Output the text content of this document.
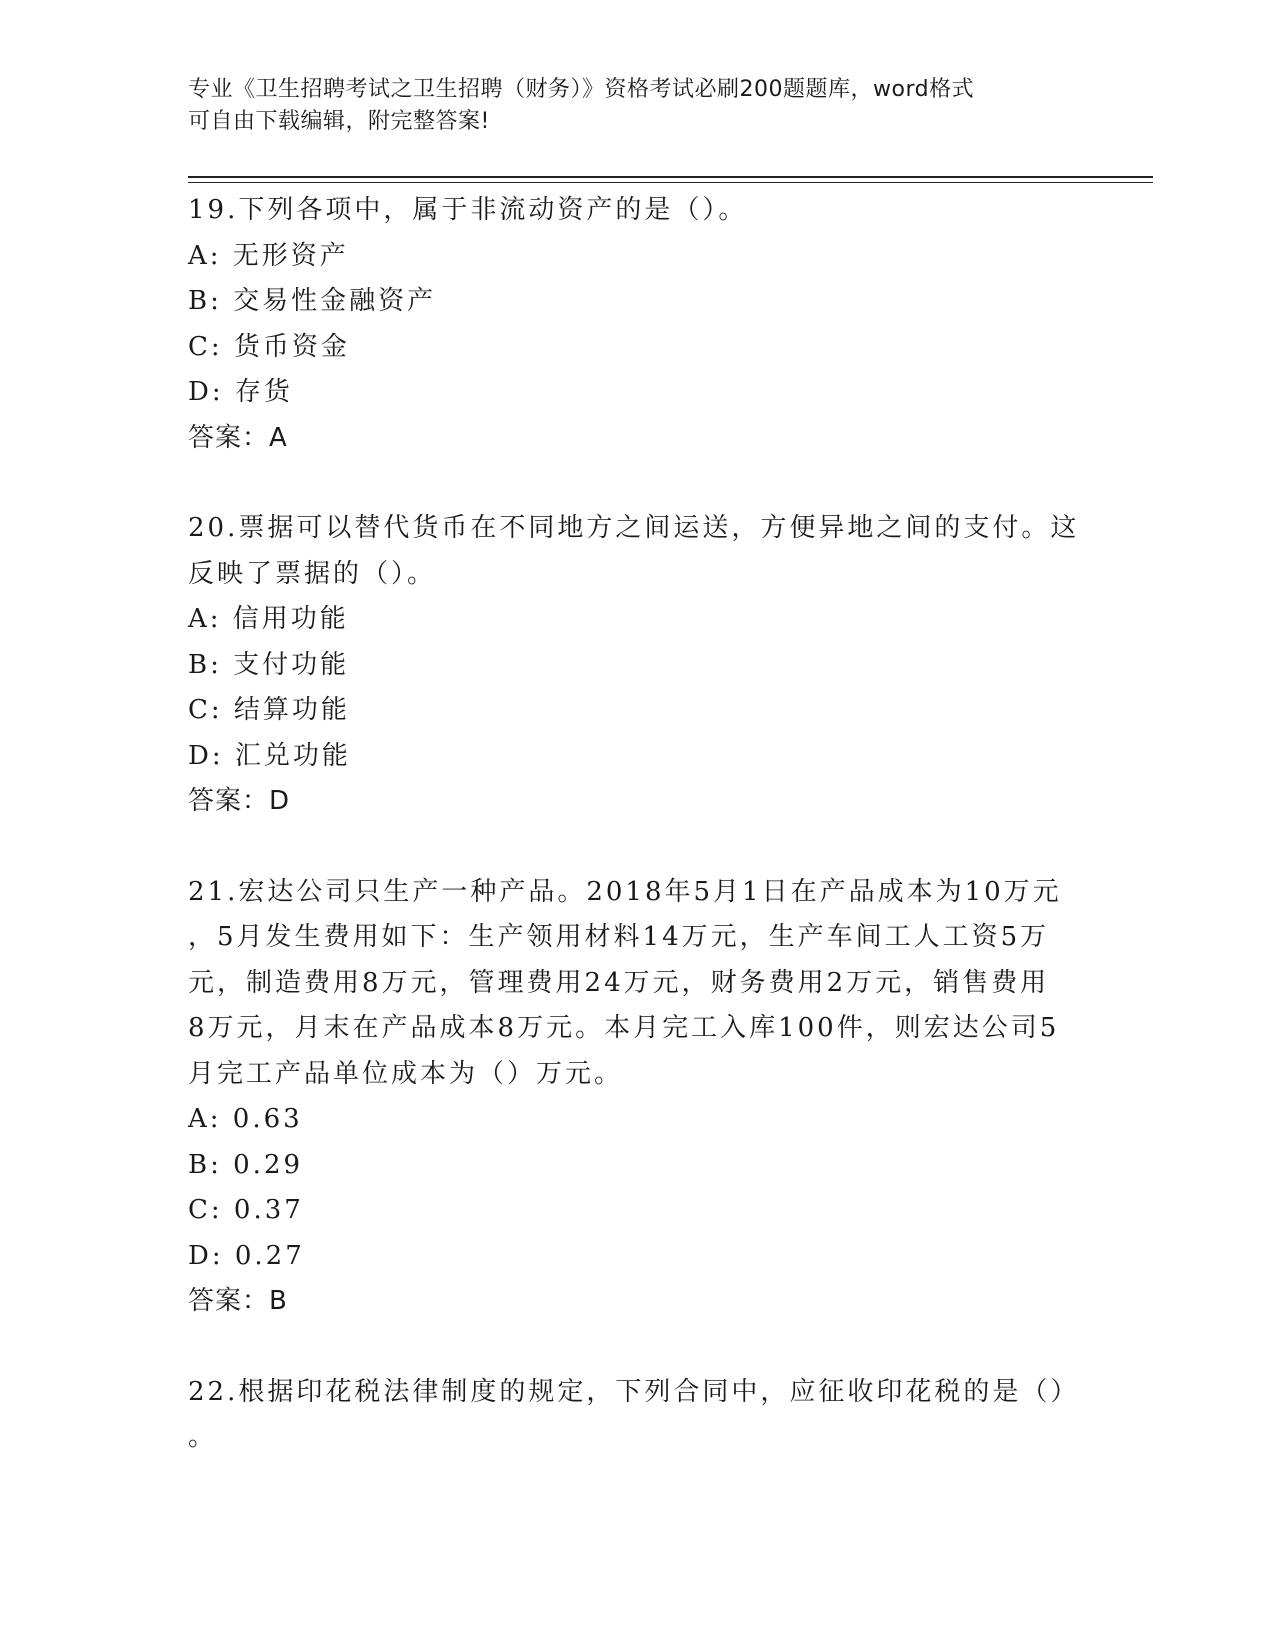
专业《卫生招聘考试之卫生招聘（财务）》资格考试必刷200题题库，word格式
可自由下载编辑，附完整答案!

19.下列各项中，属于非流动资产的是（）。

A: 无形资产

B: 交易性金融资产

C: 货币资金

D: 存货

答案：A

20.票据可以替代货币在不同地方之间运送，方便异地之间的支付。这

反映了票据的（）。

A: 信用功能

B: 支付功能

C: 结算功能

D: 汇兑功能

答案：D

21.宏达公司只生产一种产品。2018年5月1日在产品成本为10万元

，5月发生费用如下：生产领用材料14万元，生产车间工人工资5万

元，制造费用8万元，管理费用24万元，财务费用2万元，销售费用

8万元，月末在产品成本8万元。本月完工入库100件，则宏达公司5

月完工产品单位成本为（）万元。

A: 0.63

B: 0.29

C: 0.37

D: 0.27

答案：B

22.根据印花税法律制度的规定，下列合同中，应征收印花税的是（）

。
